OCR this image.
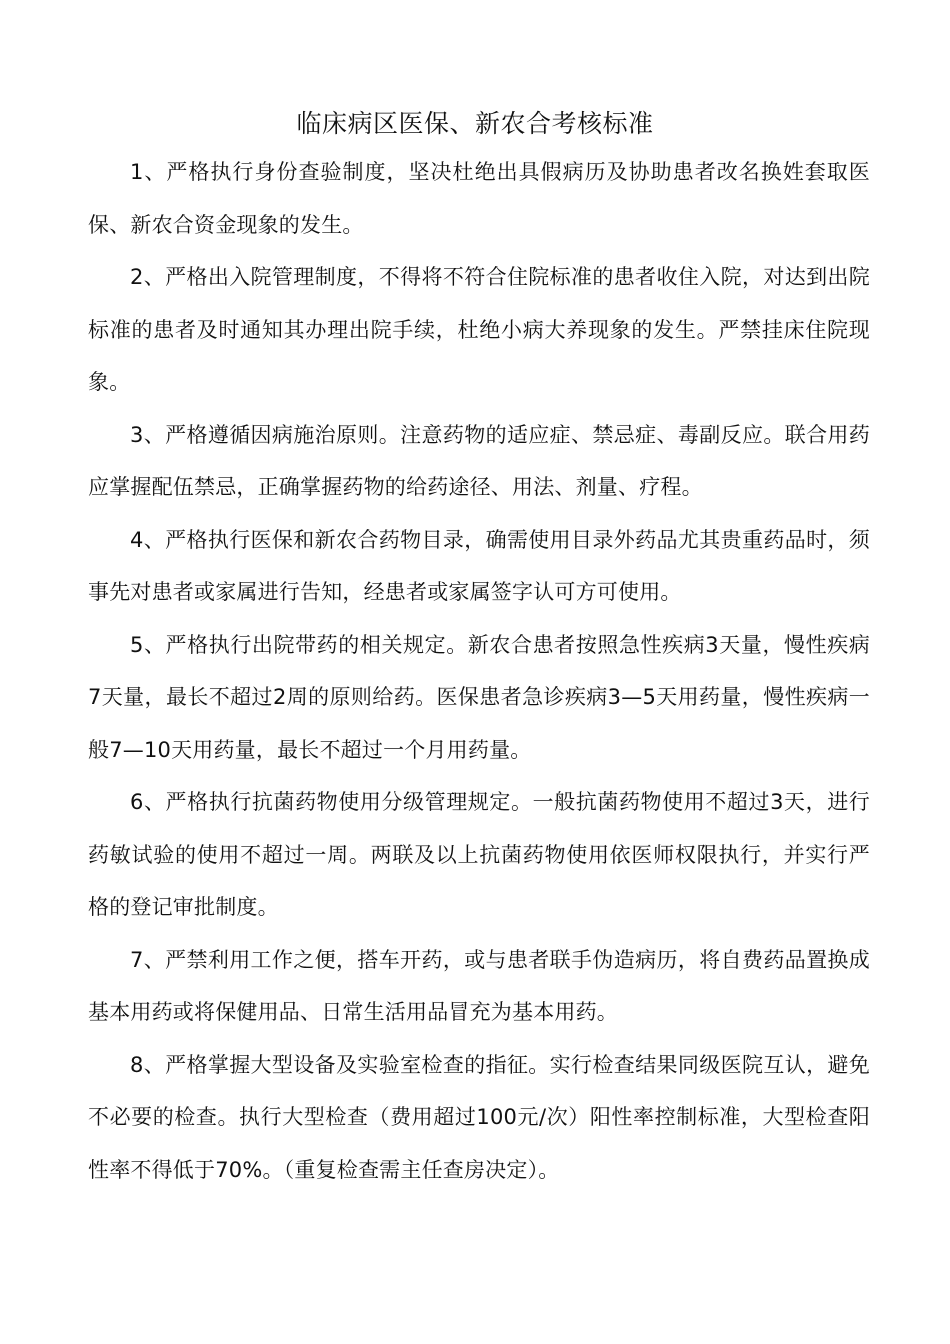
临床病区医保、新农合考核标准

1、严格执行身份查验制度，坚决杜绝出具假病历及协助患者改名换姓套取医保、新农合资金现象的发生。

2、严格出入院管理制度，不得将不符合住院标准的患者收住入院，对达到出院标准的患者及时通知其办理出院手续，杜绝小病大养现象的发生。严禁挂床住院现象。

3、严格遵循因病施治原则。注意药物的适应症、禁忌症、毒副反应。联合用药应掌握配伍禁忌，正确掌握药物的给药途径、用法、剂量、疗程。

4、严格执行医保和新农合药物目录，确需使用目录外药品尤其贵重药品时，须事先对患者或家属进行告知，经患者或家属签字认可方可使用。

5、严格执行出院带药的相关规定。新农合患者按照急性疾病3天量，慢性疾病7天量，最长不超过2周的原则给药。医保患者急诊疾病3—5天用药量，慢性疾病一般7—10天用药量，最长不超过一个月用药量。

6、严格执行抗菌药物使用分级管理规定。一般抗菌药物使用不超过3天，进行药敏试验的使用不超过一周。两联及以上抗菌药物使用依医师权限执行，并实行严格的登记审批制度。

7、严禁利用工作之便，搭车开药，或与患者联手伪造病历，将自费药品置换成基本用药或将保健用品、日常生活用品冒充为基本用药。

8、严格掌握大型设备及实验室检查的指征。实行检查结果同级医院互认，避免不必要的检查。执行大型检查（费用超过100元/次）阳性率控制标准，大型检查阳性率不得低于70%。（重复检查需主任查房决定）。
